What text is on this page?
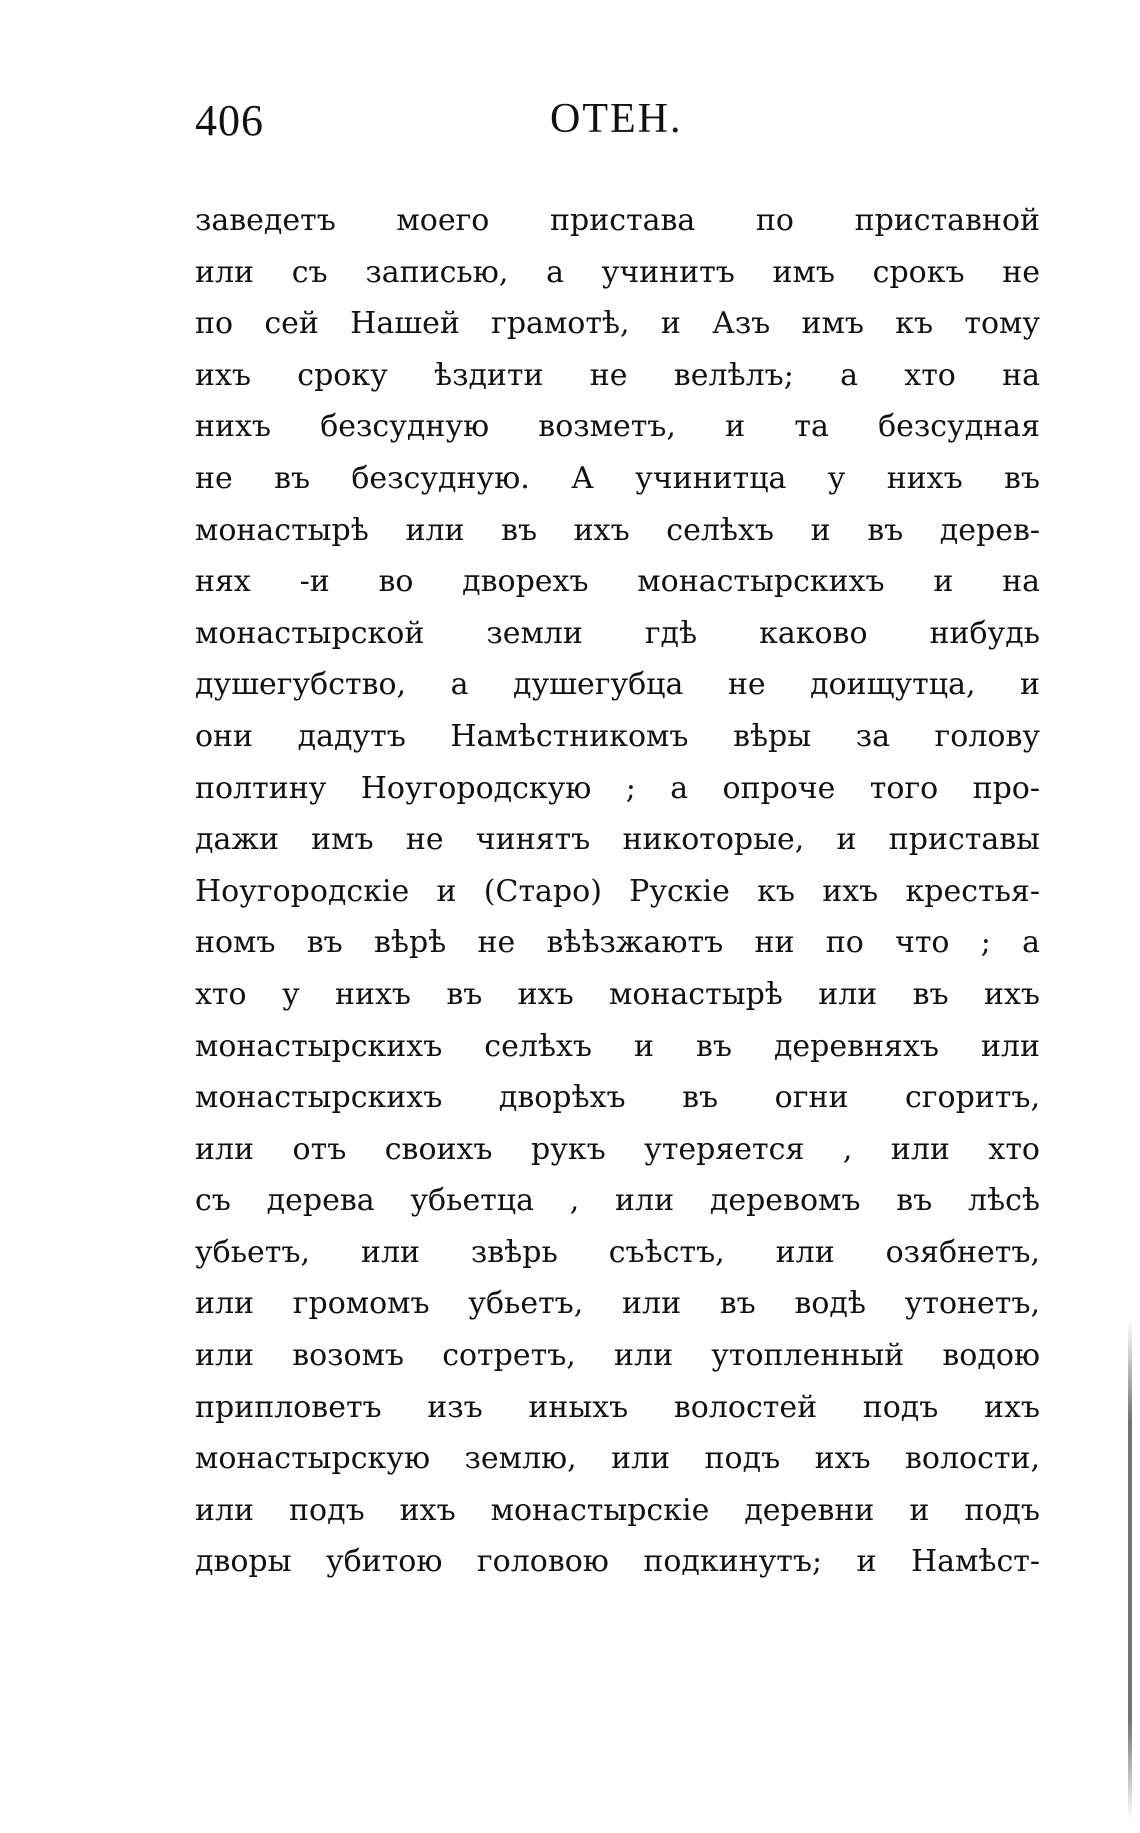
406	ОТЕН.
заведетъ моего пристава по приставной
или съ записью, а учинитъ имъ срокъ не
по сей Нашей грамотѣ, и Азъ имъ къ тому
ихъ сроку ѣздити не велѣлъ; а хто на
нихъ безсудную возметъ, и та безсудная
не въ безсудную. А учинитца у нихъ въ
монастырѣ или въ ихъ селѣхъ и въ дерев-
нях -и во дворехъ монастырскихъ и на
монастырской земли гдѣ каково нибудь
душегубство, а душегубца не доищутца, и
они дадутъ Намѣстникомъ вѣры за голову
полтину Ноугородскую ; а опроче того про-
дажи имъ не чинятъ никоторые, и приставы
Ноугородскіе и (Старо) Рускіе къ ихъ крестья-
номъ въ вѣрѣ не вѣѣзжаютъ ни по что ; а
хто у нихъ въ ихъ монастырѣ или въ ихъ
монастырскихъ селѣхъ и въ деревняхъ или
монастырскихъ дворѣхъ въ огни сгоритъ,
или отъ своихъ рукъ утеряется , или хто
съ дерева убьетца , или деревомъ въ лѣсѣ
убьетъ, или звѣрь съѣстъ, или озябнетъ,
или громомъ убьетъ, или въ водѣ утонетъ,
или возомъ сотретъ, или утопленный водою
припловетъ изъ иныхъ волостей подъ ихъ
монастырскую землю, или подъ ихъ волости,
или подъ ихъ монастырскіе деревни и подъ
дворы убитою головою подкинутъ; и Намѣст-
